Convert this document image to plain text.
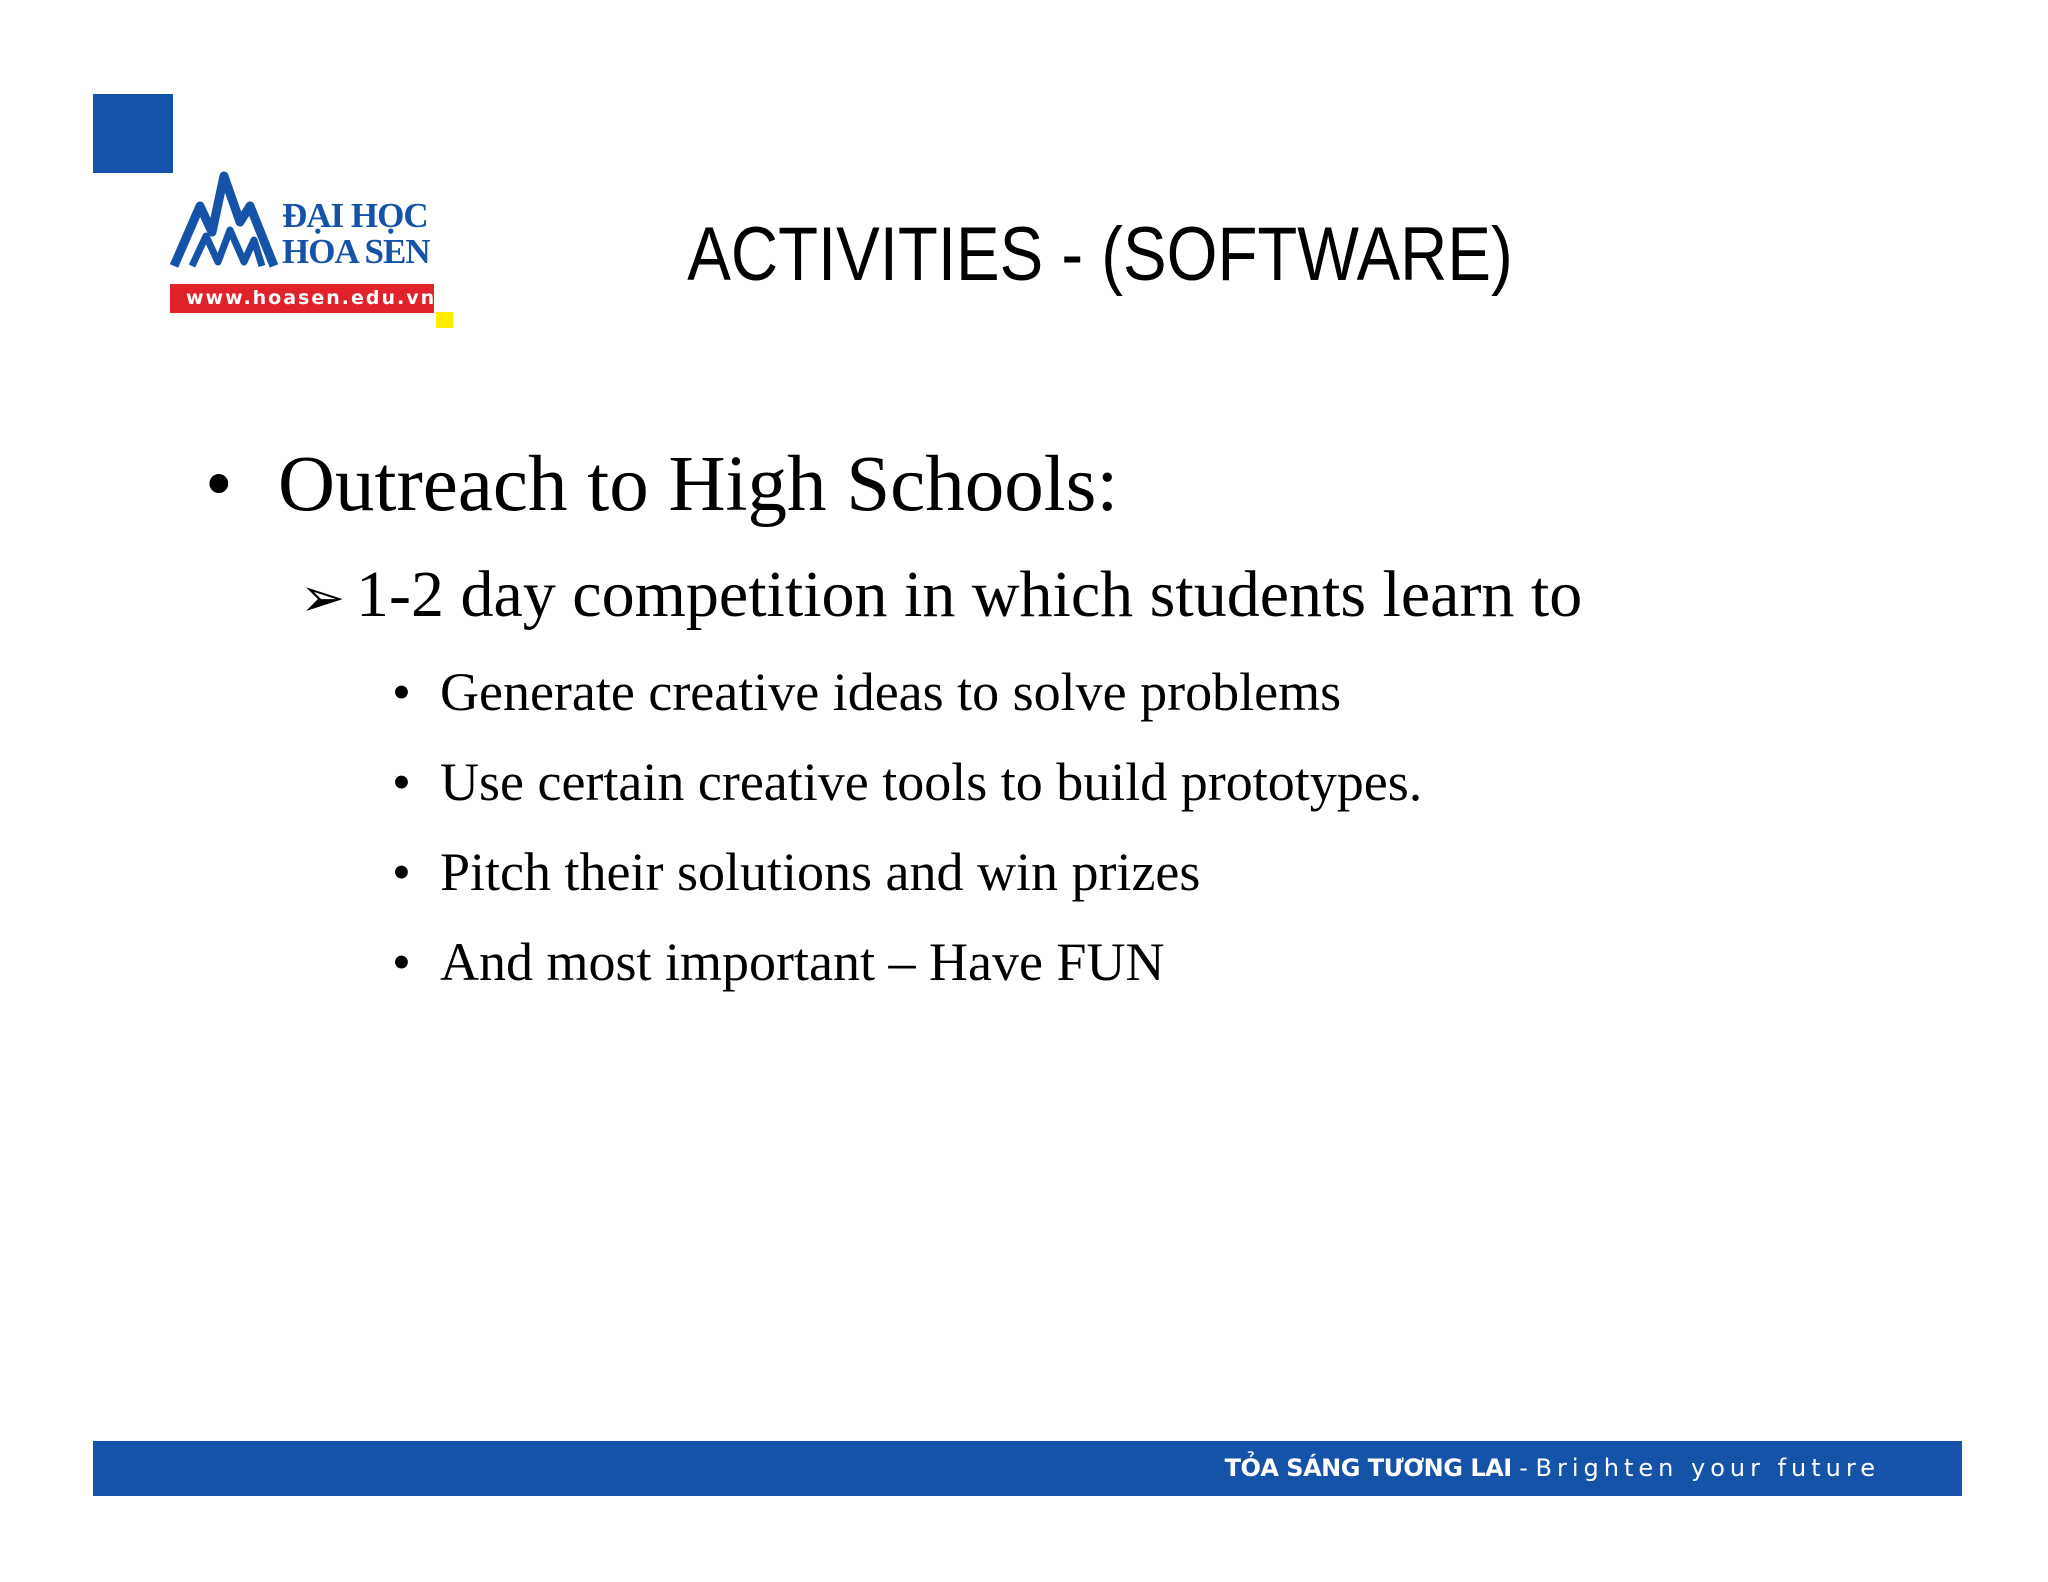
ĐẠI HỌC
HOA SEN
www.hoasen.edu.vn
ACTIVITIES - (SOFTWARE)
• Outreach to High Schools:
➢ 1-2 day competition in which students learn to
• Generate creative ideas to solve problems
• Use certain creative tools to build prototypes.
• Pitch their solutions and win prizes
• And most important – Have FUN
TỎA SÁNG TƯƠNG LAI - Brighten your future
